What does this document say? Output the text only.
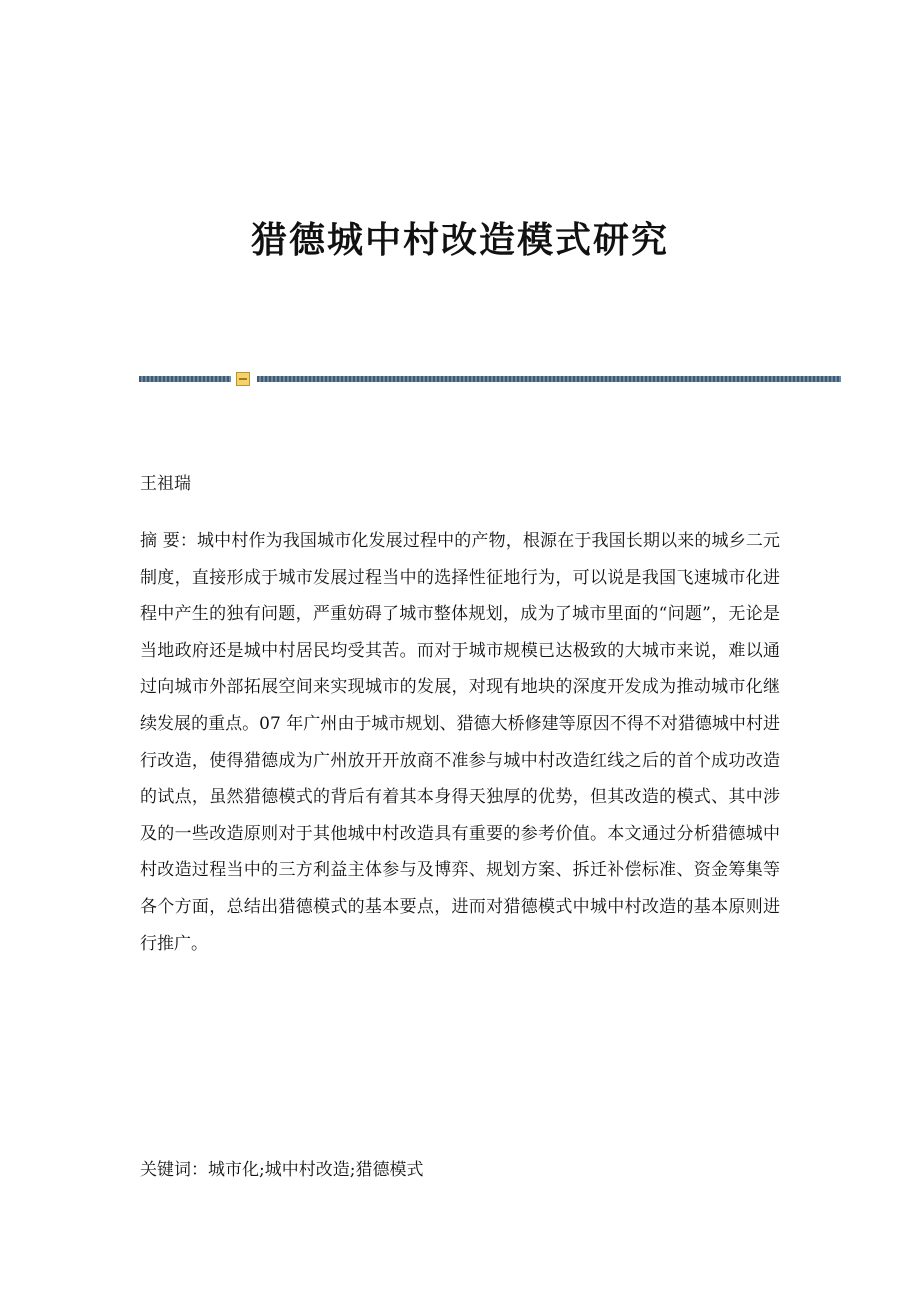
猎德城中村改造模式研究

王祖瑞

摘 要：城中村作为我国城市化发展过程中的产物，根源在于我国长期以来的城乡二元制度，直接形成于城市发展过程当中的选择性征地行为，可以说是我国飞速城市化进程中产生的独有问题，严重妨碍了城市整体规划，成为了城市里面的“问题”，无论是当地政府还是城中村居民均受其苦。而对于城市规模已达极致的大城市来说，难以通过向城市外部拓展空间来实现城市的发展，对现有地块的深度开发成为推动城市化继续发展的重点。07 年广州由于城市规划、猎德大桥修建等原因不得不对猎德城中村进行改造，使得猎德成为广州放开开放商不准参与城中村改造红线之后的首个成功改造的试点，虽然猎德模式的背后有着其本身得天独厚的优势，但其改造的模式、其中涉及的一些改造原则对于其他城中村改造具有重要的参考价值。本文通过分析猎德城中村改造过程当中的三方利益主体参与及博弈、规划方案、拆迁补偿标准、资金筹集等各个方面，总结出猎德模式的基本要点，进而对猎德模式中城中村改造的基本原则进行推广。

关键词：城市化;城中村改造;猎德模式
